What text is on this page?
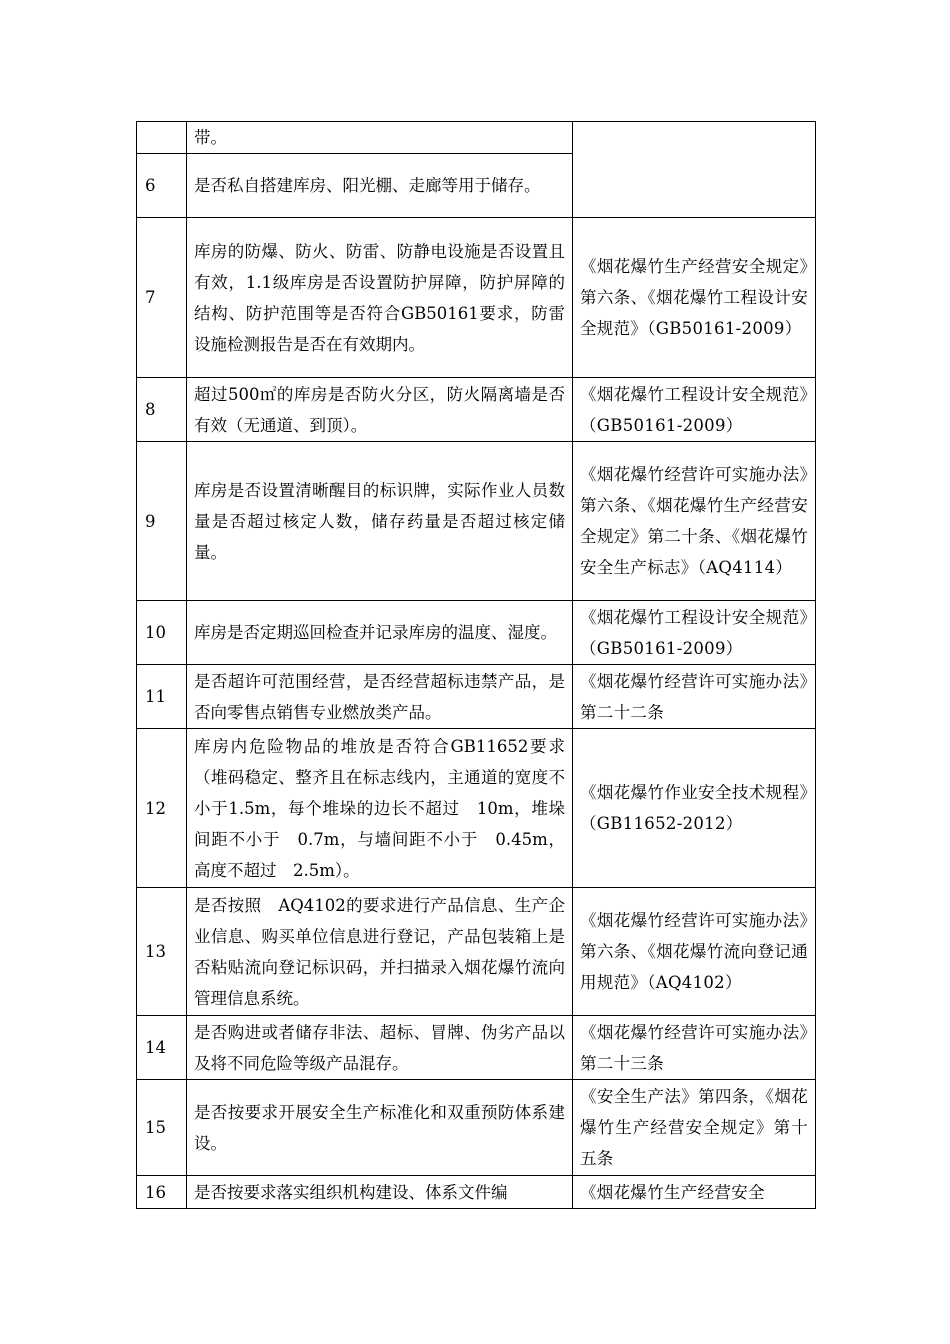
	带。	
6	是否私自搭建库房、阳光棚、走廊等用于储存。	
7	库房的防爆、防火、防雷、防静电设施是否设置且有效，1.1级库房是否设置防护屏障，防护屏障的结构、防护范围等是否符合GB50161要求，防雷设施检测报告是否在有效期内。	《烟花爆竹生产经营安全规定》第六条、《烟花爆竹工程设计安全规范》（GB50161-2009）
8	超过500㎡的库房是否防火分区，防火隔离墙是否有效（无通道、到顶）。	《烟花爆竹工程设计安全规范》（GB50161-2009）
9	库房是否设置清晰醒目的标识牌，实际作业人员数量是否超过核定人数，储存药量是否超过核定储量。	《烟花爆竹经营许可实施办法》第六条、《烟花爆竹生产经营安全规定》第二十条、《烟花爆竹安全生产标志》（AQ4114）
10	库房是否定期巡回检查并记录库房的温度、湿度。	《烟花爆竹工程设计安全规范》（GB50161-2009）
11	是否超许可范围经营，是否经营超标违禁产品，是否向零售点销售专业燃放类产品。	《烟花爆竹经营许可实施办法》第二十二条
12	库房内危险物品的堆放是否符合GB11652要求（堆码稳定、整齐且在标志线内，主通道的宽度不小于1.5m，每个堆垛的边长不超过　10m，堆垛间距不小于　0.7m，与墙间距不小于　0.45m，高度不超过　2.5m）。	《烟花爆竹作业安全技术规程》（GB11652-2012）
13	是否按照　AQ4102的要求进行产品信息、生产企业信息、购买单位信息进行登记，产品包装箱上是否粘贴流向登记标识码，并扫描录入烟花爆竹流向管理信息系统。	《烟花爆竹经营许可实施办法》第六条、《烟花爆竹流向登记通用规范》（AQ4102）
14	是否购进或者储存非法、超标、冒牌、伪劣产品以及将不同危险等级产品混存。	《烟花爆竹经营许可实施办法》第二十三条
15	是否按要求开展安全生产标准化和双重预防体系建设。	《安全生产法》第四条，《烟花爆竹生产经营安全规定》第十五条
16	是否按要求落实组织机构建设、体系文件编	《烟花爆竹生产经营安全
